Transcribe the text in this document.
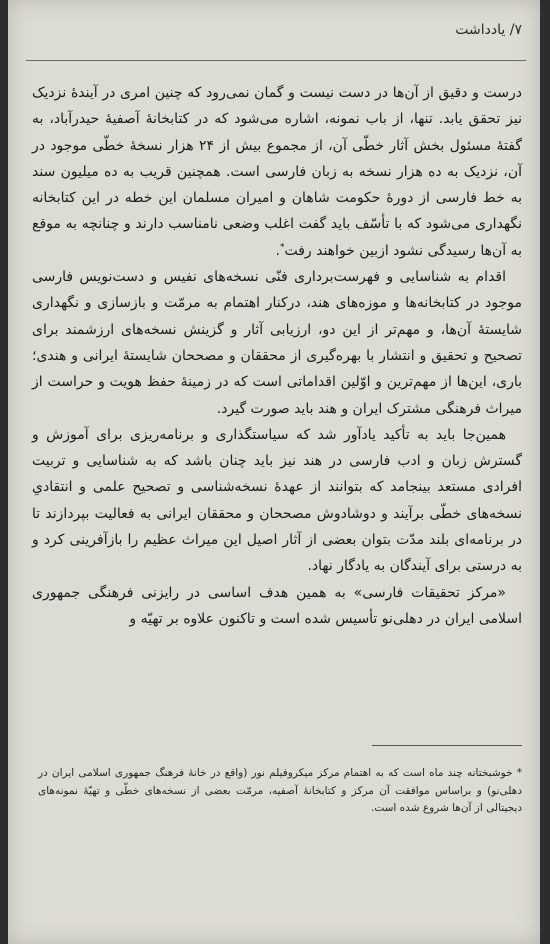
۷/ یادداشت

درست و دقیق از آن‌ها در دست نیست و گمان نمی‌رود که چنین امری در آیندهٔ نزدیک نیز تحقق یابد. تنها، از باب نمونه، اشاره می‌شود که در کتابخانهٔ آصفیهٔ حیدرآباد، به گفتهٔ مسئول بخش آثار خطّی آن، از مجموع بیش از ۲۴ هزار نسخهٔ خطّی موجود در آن، نزدیک به ده هزار نسخه به زبان فارسی است. همچنین قریب به ده میلیون سند به خط فارسی از دورهٔ حکومت شاهان و امیران مسلمان این خطه در این کتابخانه نگهداری می‌شود که با تأسّف باید گفت اغلب وضعی نامناسب دارند و چنانچه به موقع به آن‌ها رسیدگی نشود ازبین خواهند رفت*.

اقدام به شناسایی و فهرست‌برداری فنّی نسخه‌های نفیس و دست‌نویس فارسی موجود در کتابخانه‌ها و موزه‌های هند، درکنار اهتمام به مرمّت و بازسازی و نگهداری شایستهٔ آن‌ها، و مهم‌تر از این دو، ارزیابی آثار و گزینش نسخه‌های ارزشمند برای تصحیح و تحقیق و انتشار با بهره‌گیری از محققان و مصححان شایستهٔ ایرانی و هندی؛ باری، این‌ها از مهم‌ترین و اوّلین اقداماتی است که در زمینهٔ حفظ هویت و حراست از میراث فرهنگی مشترک ایران و هند باید صورت گیرد.

همین‌جا باید به تأکید یادآور شد که سیاستگذاری و برنامه‌ریزی برای آموزش و گسترش زبان و ادب فارسی در هند نیز باید چنان باشد که به شناسایی و تربیت افرادی مستعد بینجامد که بتوانند از عهدهٔ نسخه‌شناسی و تصحیح علمی و انتقادیِ نسخه‌های خطّی برآیند و دوشادوش مصححان و محققان ایرانی به فعالیت بپردازند تا در برنامه‌ای بلند مدّت بتوان بعضی از آثار اصیل این میراث عظیم را بازآفرینی کرد و به درستی برای آیندگان به یادگار نهاد.

«مرکز تحقیقات فارسی» به همین هدف اساسی در رایزنی فرهنگی جمهوری اسلامی ایران در دهلی‌نو تأسیس شده است و تاکنون علاوه بر تهیّه و

* خوشبختانه چند ماه است که به اهتمام مرکز میکروفیلم نور (واقع در خانهٔ فرهنگ جمهوری اسلامی ایران در دهلی‌نو) و براساس موافقت آن مرکز و کتابخانهٔ آصفیه، مرمّت بعضی از نسخه‌های خطّی و تهیّهٔ نمونه‌های دیجیتالی از آن‌ها شروع شده است.
